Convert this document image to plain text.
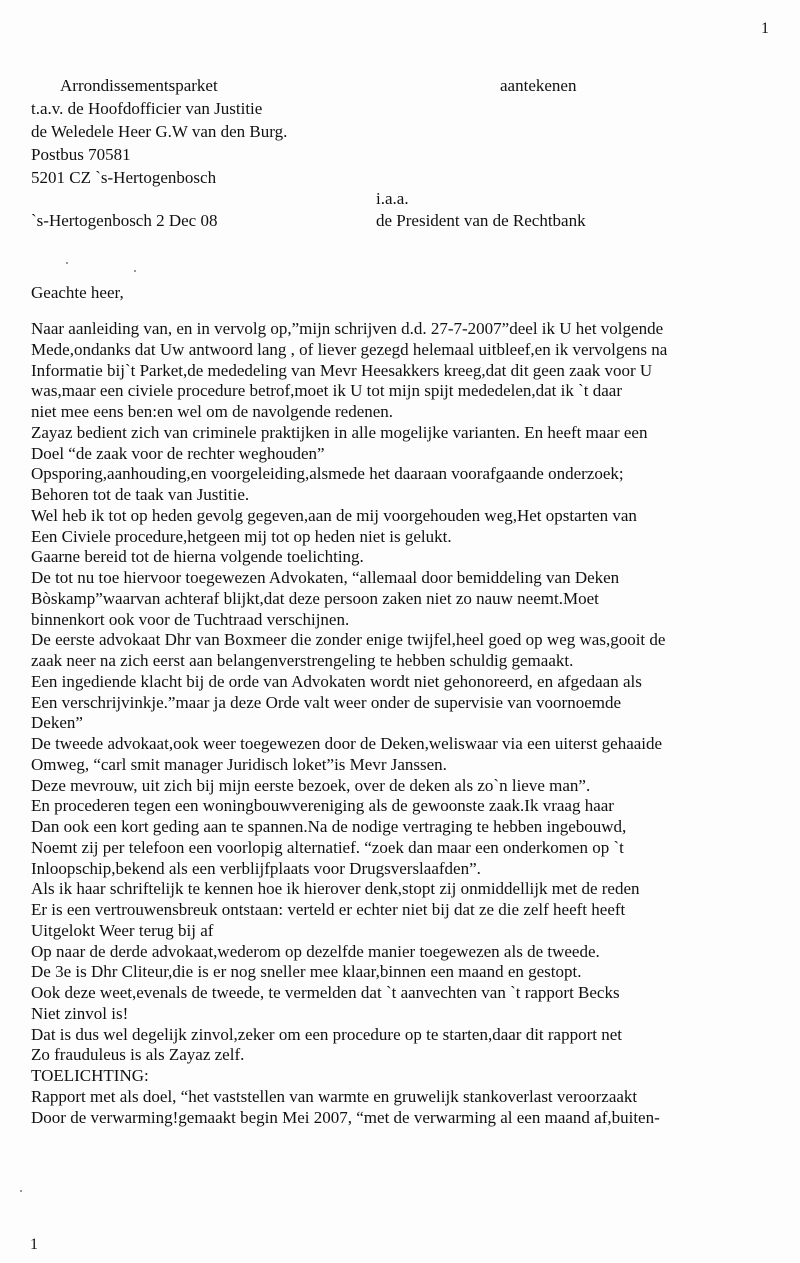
1
Arrondissementsparket
t.a.v. de Hoofdofficier van Justitie
de Weledele Heer G.W van den Burg.
Postbus 70581
5201 CZ `s-Hertogenbosch
aantekenen
i.a.a.
de President van de Rechtbank
`s-Hertogenbosch 2 Dec 08
Geachte heer,
Naar aanleiding van, en in vervolg op,”mijn schrijven d.d. 27-7-2007”deel ik U het volgende
Mede,ondanks dat Uw antwoord lang , of liever gezegd helemaal uitbleef,en ik vervolgens na
Informatie bij`t Parket,de mededeling van Mevr Heesakkers kreeg,dat dit geen zaak voor U
was,maar een civiele procedure betrof,moet ik U tot mijn spijt mededelen,dat ik `t daar
niet mee eens ben:en wel om de navolgende redenen.
Zayaz bedient zich van criminele praktijken in alle mogelijke varianten. En heeft maar een
Doel “de zaak voor de rechter weghouden”
Opsporing,aanhouding,en voorgeleiding,alsmede het daaraan voorafgaande onderzoek;
Behoren tot de taak van Justitie.
Wel heb ik tot op heden gevolg gegeven,aan de mij voorgehouden weg,Het opstarten van
Een Civiele procedure,hetgeen mij tot op heden niet is gelukt.
Gaarne bereid tot de hierna volgende toelichting.
De tot nu toe hiervoor toegewezen Advokaten, “allemaal door bemiddeling van Deken
Bòskamp”waarvan achteraf blijkt,dat deze persoon zaken niet zo nauw neemt.Moet
binnenkort ook voor de Tuchtraad verschijnen.
De eerste advokaat Dhr van Boxmeer die zonder enige twijfel,heel goed op weg was,gooit de
zaak neer na zich eerst aan belangenverstrengeling te hebben schuldig gemaakt.
Een ingediende klacht bij de orde van Advokaten wordt niet gehonoreerd, en afgedaan als
Een verschrijvinkje.”maar ja deze Orde valt weer onder de supervisie van voornoemde
Deken”
De tweede advokaat,ook weer toegewezen door de Deken,weliswaar via een uiterst gehaaide
Omweg, “carl smit manager Juridisch loket”is Mevr Janssen.
Deze mevrouw, uit zich bij mijn eerste bezoek, over de deken als zo`n lieve man”.
En procederen tegen een woningbouwvereniging als de gewoonste zaak.Ik vraag haar
Dan ook een kort geding aan te spannen.Na de nodige vertraging te hebben ingebouwd,
Noemt zij per telefoon een voorlopig alternatief. “zoek dan maar een onderkomen op `t
Inloopschip,bekend als een verblijfplaats voor Drugsverslaafden”.
Als ik haar schriftelijk te kennen hoe ik hierover denk,stopt zij onmiddellijk met de reden
Er is een vertrouwensbreuk ontstaan: verteld er echter niet bij dat ze die zelf heeft heeft
Uitgelokt Weer terug bij af
Op naar de derde advokaat,wederom op dezelfde manier toegewezen als de tweede.
De 3e is Dhr Cliteur,die is er nog sneller mee klaar,binnen een maand en gestopt.
Ook deze weet,evenals de tweede, te vermelden dat `t aanvechten van `t rapport Becks
Niet zinvol is!
Dat is dus wel degelijk zinvol,zeker om een procedure op te starten,daar dit rapport net
Zo frauduleus is als Zayaz zelf.
TOELICHTING:
Rapport met als doel, “het vaststellen van warmte en gruwelijk stankoverlast veroorzaakt
Door de verwarming!gemaakt begin Mei 2007, “met de verwarming al een maand af,buiten-
1
